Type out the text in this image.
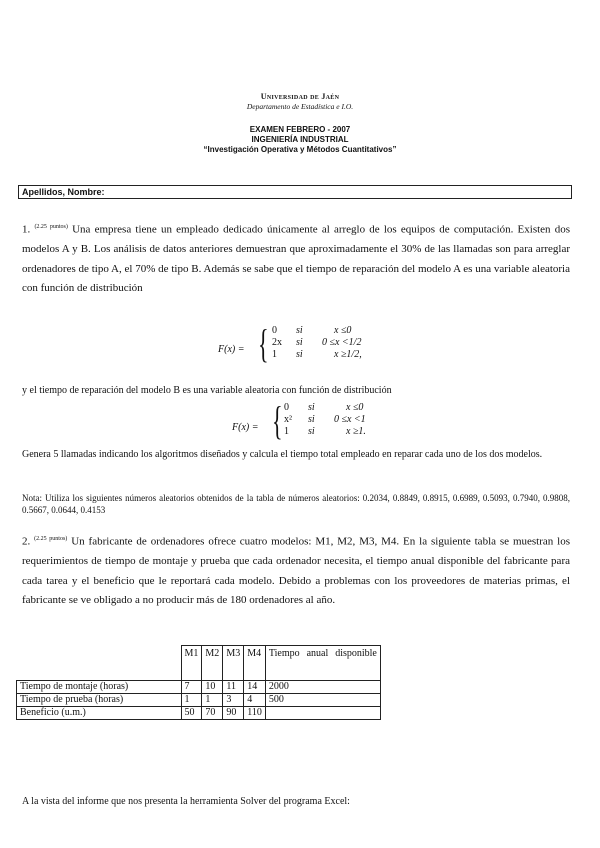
Universidad de Jaén
Departamento de Estadística e I.O.
EXAMEN FEBRERO - 2007
INGENIERÍA INDUSTRIAL
“Investigación Operativa y Métodos Cuantitativos”
Apellidos, Nombre:
1. $^{(2.25 puntos)}$ Una empresa tiene un empleado dedicado únicamente al arreglo de los equipos de computación. Existen dos modelos A y B. Los análisis de datos anteriores demuestran que aproximadamente el 30% de las llamadas son para arreglar ordenadores de tipo A, el 70% de tipo B. Además se sabe que el tiempo de reparación del modelo A es una variable aleatoria con función de distribución
F(x) = { 0 si	x ≤0
2x si 0 ≤x <1/2
1 si	x ≥1/2,
y el tiempo de reparación del modelo B es una variable aleatoria con función de distribución
F(x) = { 0 si	x ≤0
x² si 0 ≤x <1
1 si	x ≥1.
Genera 5 llamadas indicando los algoritmos diseñados y calcula el tiempo total empleado en reparar cada uno de los dos modelos.
Nota: Utiliza los siguientes números aleatorios obtenidos de la tabla de números aleatorios: 0.2034, 0.8849, 0.8915, 0.6989, 0.5093, 0.7940, 0.9808, 0.5667, 0.0644, 0.4153
2. $^{(2.25 puntos)}$ Un fabricante de ordenadores ofrece cuatro modelos: M1, M2, M3, M4. En la siguiente tabla se muestran los requerimientos de tiempo de montaje y prueba que cada ordenador necesita, el tiempo anual disponible del fabricante para cada tarea y el beneficio que le reportará cada modelo. Debido a problemas con los proveedores de materias primas, el fabricante se ve obligado a no producir más de 180 ordenadores al año.
	M1	M2	M3	M4	Tiempo anual disponible

Tiempo de montaje (horas)	7	10	11	14	2000
Tiempo de prueba (horas)	1	1	3	4	500
Beneficio (u.m.)	50	70	90	110	
A la vista del informe que nos presenta la herramienta Solver del programa Excel:
